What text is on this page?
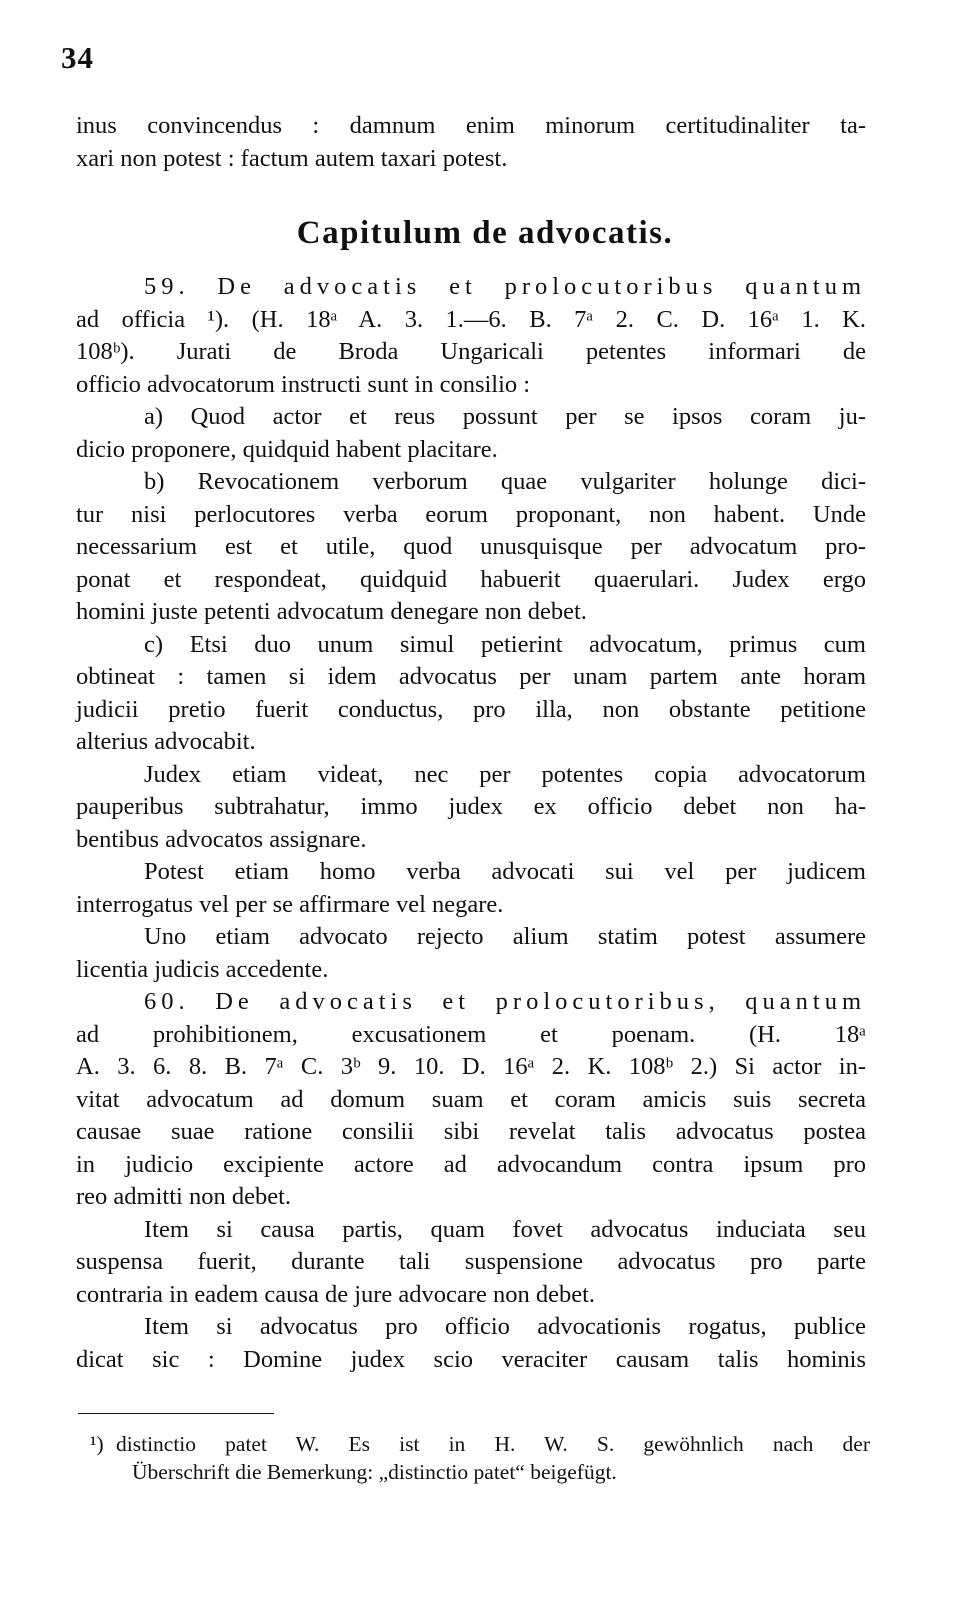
34
inus convincendus : damnum enim minorum certitudinaliter ta-
xari non potest : factum autem taxari potest.
Capitulum de advocatis.
59. De advocatis et prolocutoribus quantum
ad officia ¹). (H. 18ᵃ A. 3. 1.—6. B. 7ᵃ 2. C. D. 16ᵃ 1. K.
108ᵇ). Jurati de Broda Ungaricali petentes informari de
officio advocatorum instructi sunt in consilio :
a) Quod actor et reus possunt per se ipsos coram ju-
dicio proponere, quidquid habent placitare.
b) Revocationem verborum quae vulgariter holunge dici-
tur nisi perlocutores verba eorum proponant, non habent. Unde
necessarium est et utile, quod unusquisque per advocatum pro-
ponat et respondeat, quidquid habuerit quaerulari. Judex ergo
homini juste petenti advocatum denegare non debet.
c) Etsi duo unum simul petierint advocatum, primus cum
obtineat : tamen si idem advocatus per unam partem ante horam
judicii pretio fuerit conductus, pro illa, non obstante petitione
alterius advocabit.
Judex etiam videat, nec per potentes copia advocatorum
pauperibus subtrahatur, immo judex ex officio debet non ha-
bentibus advocatos assignare.
Potest etiam homo verba advocati sui vel per judicem
interrogatus vel per se affirmare vel negare.
Uno etiam advocato rejecto alium statim potest assumere
licentia judicis accedente.
60. De advocatis et prolocutoribus, quantum
ad prohibitionem, excusationem et poenam. (H. 18ᵃ
A. 3. 6. 8. B. 7ᵃ C. 3ᵇ 9. 10. D. 16ᵃ 2. K. 108ᵇ 2.) Si actor in-
vitat advocatum ad domum suam et coram amicis suis secreta
causae suae ratione consilii sibi revelat talis advocatus postea
in judicio excipiente actore ad advocandum contra ipsum pro
reo admitti non debet.
Item si causa partis, quam fovet advocatus induciata seu
suspensa fuerit, durante tali suspensione advocatus pro parte
contraria in eadem causa de jure advocare non debet.
Item si advocatus pro officio advocationis rogatus, publice
dicat sic : Domine judex scio veraciter causam talis hominis
¹) distinctio patet W. Es ist in H. W. S. gewöhnlich nach der
Überschrift die Bemerkung: „distinctio patet“ beigefügt.
